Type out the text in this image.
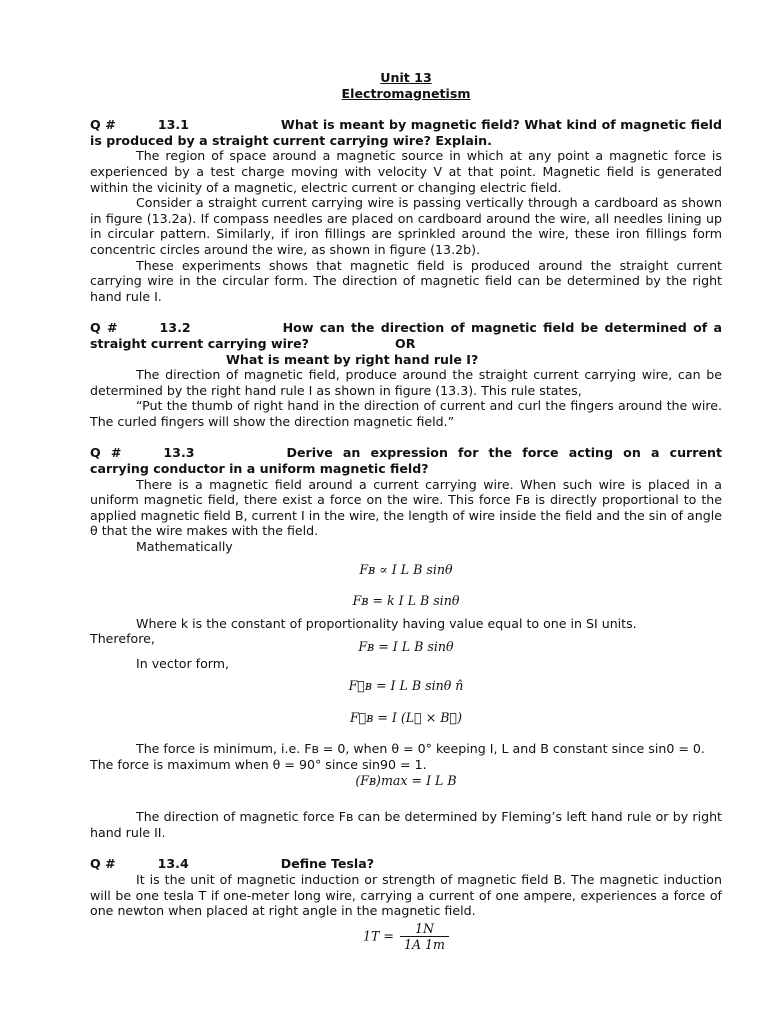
Unit 13
Electromagnetism
Q #	13.1	What is meant by magnetic field? What kind of magnetic field is produced by a straight current carrying wire? Explain.
The region of space around a magnetic source in which at any point a magnetic force is experienced by a test charge moving with velocity V at that point. Magnetic field is generated within the vicinity of a magnetic, electric current or changing electric field.
Consider a straight current carrying wire is passing vertically through a cardboard as shown in figure (13.2a). If compass needles are placed on cardboard around the wire, all needles lining up in circular pattern. Similarly, if iron fillings are sprinkled around the wire, these iron fillings form concentric circles around the wire, as shown in figure (13.2b).
These experiments shows that magnetic field is produced around the straight current carrying wire in the circular form. The direction of magnetic field can be determined by the right hand rule I.
Q #	13.2	How can the direction of magnetic field be determined of a straight current carrying wire?	OR
What is meant by right hand rule I?
The direction of magnetic field, produce around the straight current carrying wire, can be determined by the right hand rule I as shown in figure (13.3). This rule states,
“Put the thumb of right hand in the direction of current and curl the fingers around the wire. The curled fingers will show the direction magnetic field.”
Q #	13.3	Derive an expression for the force acting on a current carrying conductor in a uniform magnetic field?
There is a magnetic field around a current carrying wire. When such wire is placed in a uniform magnetic field, there exist a force on the wire. This force Fʙ is directly proportional to the applied magnetic field B, current I in the wire, the length of wire inside the field and the sin of angle θ that the wire makes with the field.
Mathematically
Fʙ ∝ I L B sinθ
Fʙ = k I L B sinθ
Where k is the constant of proportionality having value equal to one in SI units.
Therefore,
Fʙ = I L B sinθ
In vector form,
F⃗ʙ = I L B sinθ n̂
F⃗ʙ = I (L⃗ × B⃗)
The force is minimum, i.e. Fʙ = 0, when θ = 0° keeping I, L and B constant since sin0 = 0.
The force is maximum when θ = 90° since sin90 = 1.
(Fʙ)max = I L B
The direction of magnetic force Fʙ can be determined by Fleming’s left hand rule or by right hand rule II.
Q #	13.4	Define Tesla?
It is the unit of magnetic induction or strength of magnetic field B. The magnetic induction will be one tesla T if one-meter long wire, carrying a current of one ampere, experiences a force of one newton when placed at right angle in the magnetic field.
$1T = \frac{1N}{1A 1m}$
